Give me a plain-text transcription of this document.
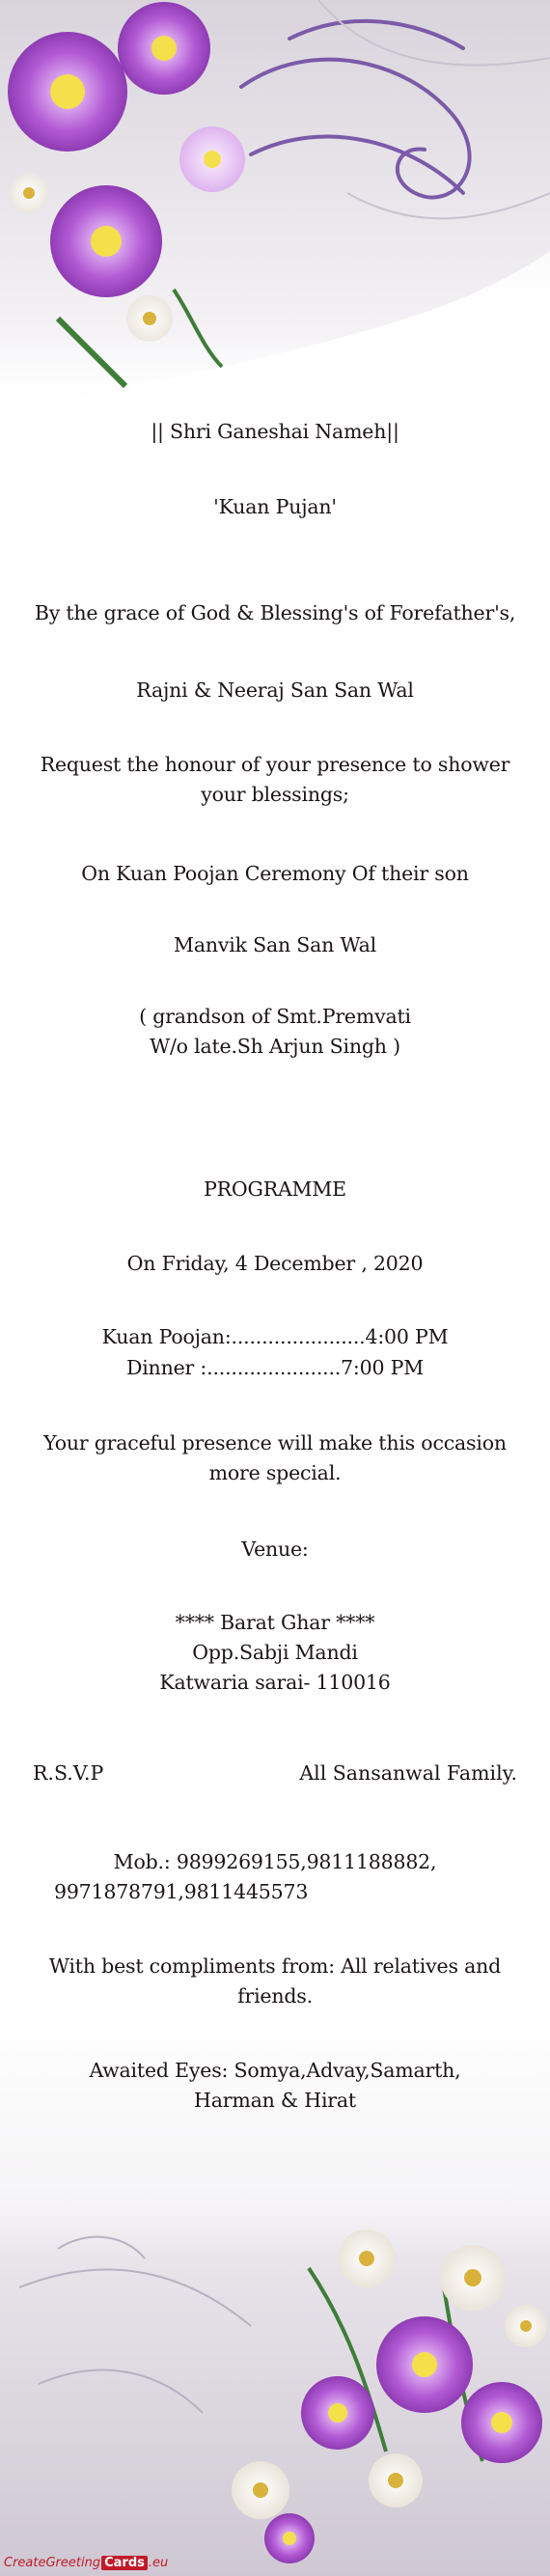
|| Shri Ganeshai Nameh||
'Kuan Pujan'
By the grace of God & Blessing's of Forefather's,
Rajni & Neeraj San San Wal
Request the honour of your presence to shower your blessings;
On Kuan Poojan Ceremony Of their son
Manvik San San Wal
( grandson of Smt.Premvati
W/o late.Sh Arjun Singh )
PROGRAMME
On Friday, 4 December , 2020
Kuan Poojan:......................4:00 PM
Dinner :......................7:00 PM
Your graceful presence will make this occasion more special.
Venue:
**** Barat Ghar ****
Opp.Sabji Mandi
Katwaria sarai- 110016
R.S.V.P	All Sansanwal Family.
Mob.: 9899269155,9811188882,
9971878791,9811445573
With best compliments from: All relatives and friends.
Awaited Eyes: Somya,Advay,Samarth,
Harman & Hirat
CreateGreeting Cards .eu
